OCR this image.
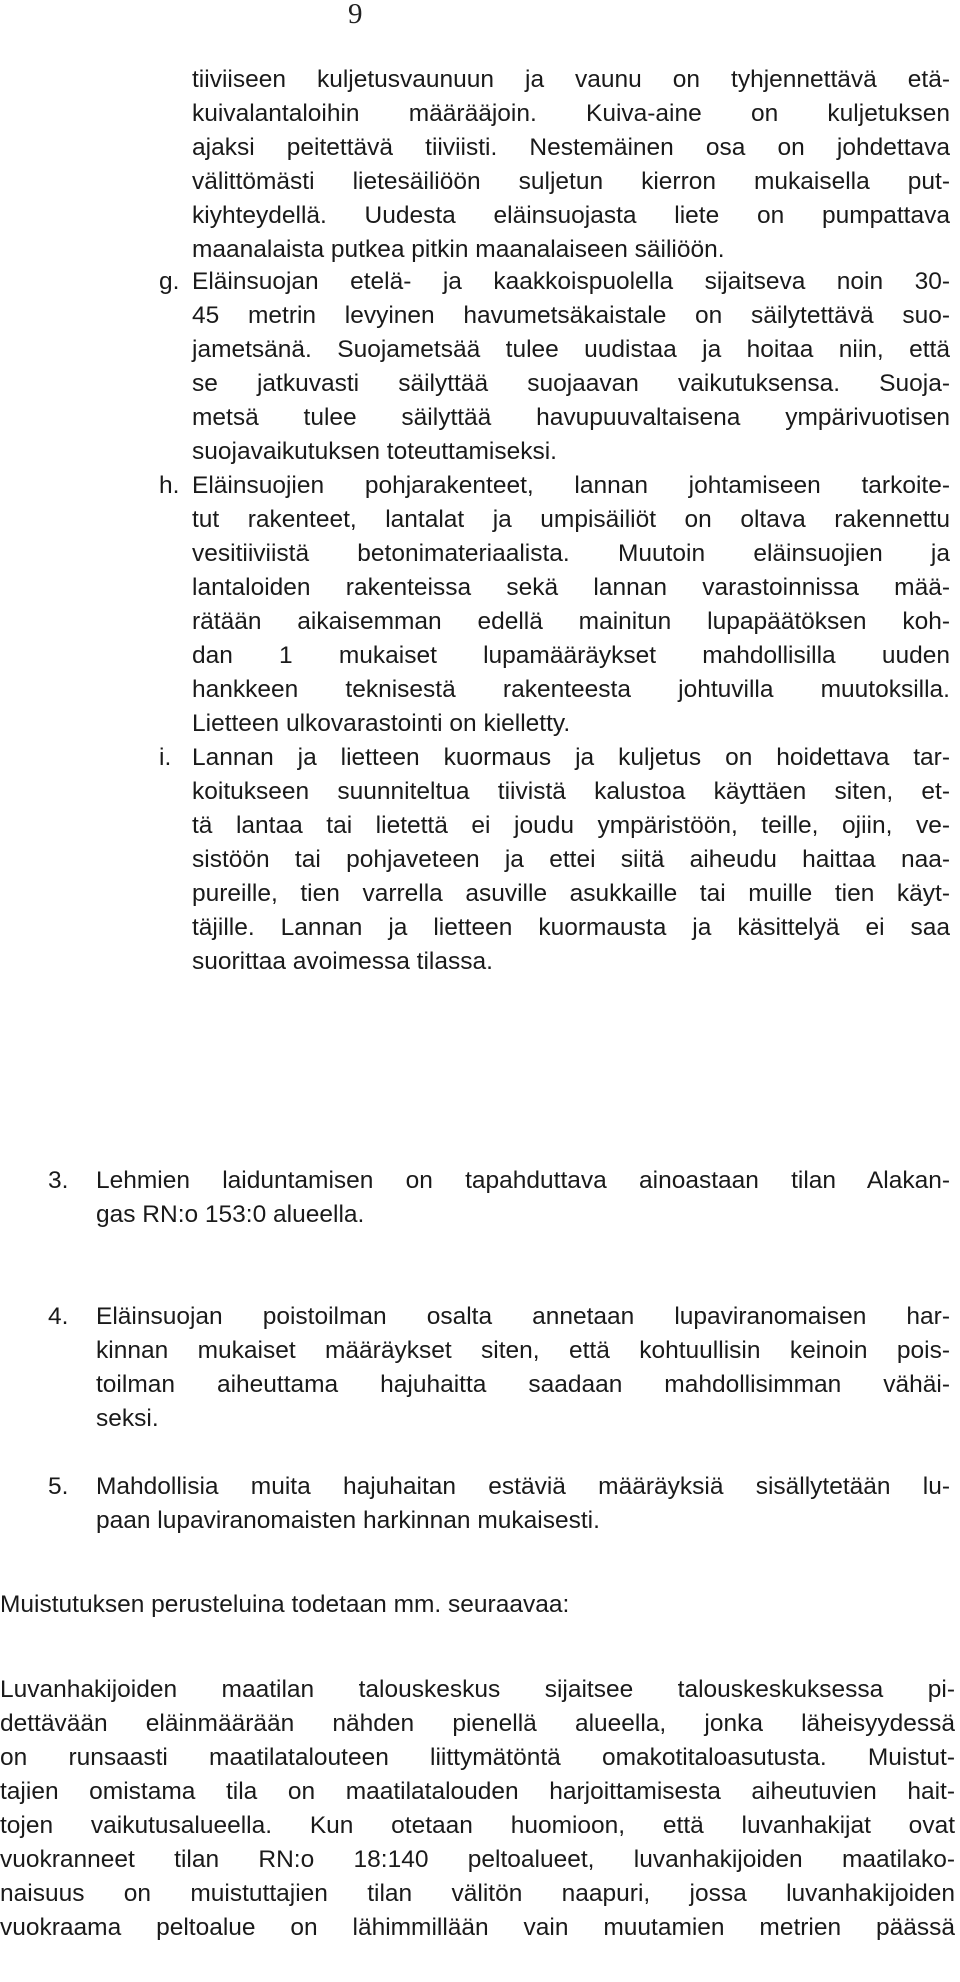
9
tiiviiseen kuljetusvaunuun ja vaunu on tyhjennettävä etä-
kuivalantaloihin määrääjoin. Kuiva-aine on kuljetuksen
ajaksi peitettävä tiiviisti. Nestemäinen osa on johdettava
välittömästi lietesäiliöön suljetun kierron mukaisella put-
kiyhteydellä. Uudesta eläinsuojasta liete on pumpattava
maanalaista putkea pitkin maanalaiseen säiliöön.
g. Eläinsuojan etelä- ja kaakkoispuolella sijaitseva noin 30-
45 metrin levyinen havumetsäkaistale on säilytettävä suo-
jametsänä. Suojametsää tulee uudistaa ja hoitaa niin, että
se jatkuvasti säilyttää suojaavan vaikutuksensa. Suoja-
metsä tulee säilyttää havupuuvaltaisena ympärivuotisen
suojavaikutuksen toteuttamiseksi.
h. Eläinsuojien pohjarakenteet, lannan johtamiseen tarkoite-
tut rakenteet, lantalat ja umpisäiliöt on oltava rakennettu
vesitiiviistä betonimateriaalista. Muutoin eläinsuojien ja
lantaloiden rakenteissa sekä lannan varastoinnissa mää-
rätään aikaisemman edellä mainitun lupapäätöksen koh-
dan 1 mukaiset lupamääräykset mahdollisilla uuden
hankkeen teknisestä rakenteesta johtuvilla muutoksilla.
Lietteen ulkovarastointi on kielletty.
i. Lannan ja lietteen kuormaus ja kuljetus on hoidettava tar-
koitukseen suunniteltua tiivistä kalustoa käyttäen siten, et-
tä lantaa tai lietettä ei joudu ympäristöön, teille, ojiin, ve-
sistöön tai pohjaveteen ja ettei siitä aiheudu haittaa naa-
pureille, tien varrella asuville asukkaille tai muille tien käyt-
täjille. Lannan ja lietteen kuormausta ja käsittelyä ei saa
suorittaa avoimessa tilassa.
3. Lehmien laiduntamisen on tapahduttava ainoastaan tilan Alakan-
gas RN:o 153:0 alueella.
4. Eläinsuojan poistoilman osalta annetaan lupaviranomaisen har-
kinnan mukaiset määräykset siten, että kohtuullisin keinoin pois-
toilman aiheuttama hajuhaitta saadaan mahdollisimman vähäi-
seksi.
5. Mahdollisia muita hajuhaitan estäviä määräyksiä sisällytetään lu-
paan lupaviranomaisten harkinnan mukaisesti.
Muistutuksen perusteluina todetaan mm. seuraavaa:
Luvanhakijoiden maatilan talouskeskus sijaitsee talouskeskuksessa pi-
dettävään eläinmäärään nähden pienellä alueella, jonka läheisyydessä
on runsaasti maatilatalouteen liittymätöntä omakotitaloasutusta. Muistut-
tajien omistama tila on maatilatalouden harjoittamisesta aiheutuvien hait-
tojen vaikutusalueella. Kun otetaan huomioon, että luvanhakijat ovat
vuokranneet tilan RN:o 18:140 peltoalueet, luvanhakijoiden maatilako-
naisuus on muistuttajien tilan välitön naapuri, jossa luvanhakijoiden
vuokraama peltoalue on lähimmillään vain muutamien metrien päässä
